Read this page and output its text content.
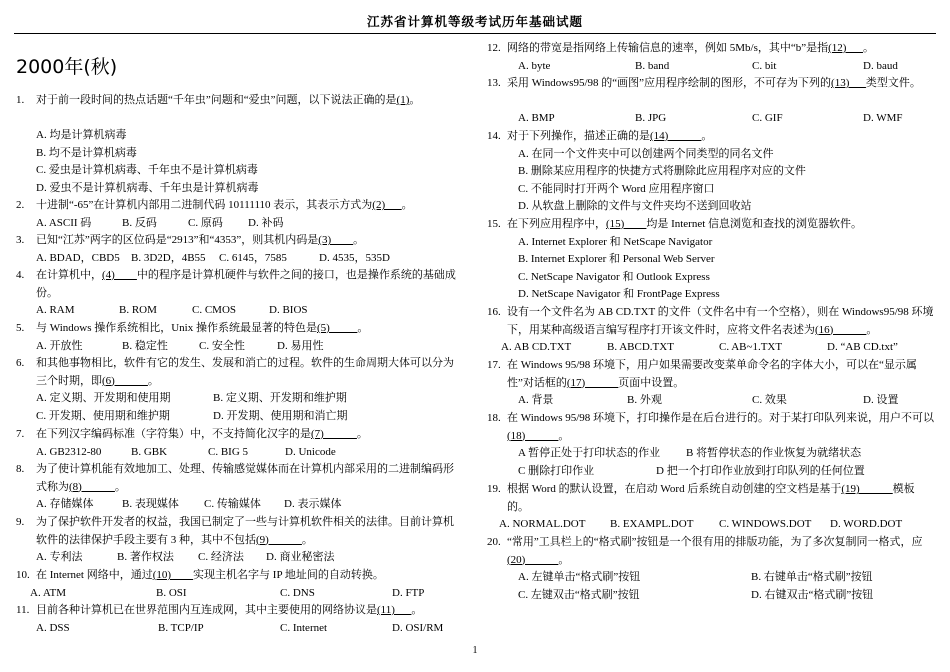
江苏省计算机等级考试历年基础试题
2000年(秋)
1. 对于前一段时间的热点话题“千年虫”问题和“爱虫”问题，以下说法正确的是(1)。
A. 均是计算机病毒
B. 均不是计算机病毒
C. 爱虫是计算机病毒、千年虫不是计算机病毒
D. 爱虫不是计算机病毒、千年虫是计算机病毒
2. 十进制“-65”在计算机内部用二进制代码 10111110 表示，其表示方式为(2)___。
A. ASCII 码	B. 反码	C. 原码 D. 补码
3. 已知“江苏”两字的区位码是“2913”和“4353”，则其机内码是(3)____。
A. BDAD，CBD5 B. 3D2D，4B55 C. 6145，7585	D. 4535，535D
4. 在计算机中，(4)____中的程序是计算机硬件与软件之间的接口，也是操作系统的基础成份。
A. RAM	B. ROM	C. CMOS	D. BIOS
5. 与 Windows 操作系统相比，Unix 操作系统最显著的特色是(5)_____。
A. 开放性	B. 稳定性	C. 安全性	D. 易用性
6. 和其他事物相比，软件有它的发生、发展和消亡的过程。软件的生命周期大体可以分为三个时期，即(6)______。
A. 定义期、开发期和使用期	B. 定义期、开发期和维护期
C. 开发期、使用期和维护期	D. 开发期、使用期和消亡期
7. 在下列汉字编码标准（字符集）中，不支持简化汉字的是(7)______。
A. GB2312-80	B. GBK	C. BIG 5	D. Unicode
8. 为了使计算机能有效地加工、处理、传输感觉媒体而在计算机内部采用的二进制编码形式称为(8)______。
A. 存储媒体	B. 表现媒体 C. 传输媒体 D. 表示媒体
9. 为了保护软件开发者的权益，我国已制定了一些与计算机软件相关的法律。目前计算机软件的法律保护手段主要有 3 种，其中不包括(9)______。
A. 专利法	B. 著作权法 C. 经济法 D. 商业秘密法
10. 在 Internet 网络中，通过(10)____实现主机名字与 IP 地址间的自动转换。
A. ATM	B. OSI	C. DNS	D. FTP
11. 目前各种计算机已在世界范围内互连成网，其中主要使用的网络协议是(11)___。
A. DSS	B. TCP/IP	C. Internet	D. OSI/RM
12. 网络的带宽是指网络上传输信息的速率，例如 5Mb/s，其中“b”是指(12)___。
A. byte	B. band	C. bit	D. baud
13. 采用 Windows95/98 的“画图”应用程序绘制的图形，不可存为下列的(13)___类型文件。
A. BMP	B. JPG	C. GIF	D. WMF
14. 对于下列操作，描述正确的是(14)______。
A. 在同一个文件夹中可以创建两个同类型的同名文件
B. 删除某应用程序的快捷方式将删除此应用程序对应的文件
C. 不能同时打开两个 Word 应用程序窗口
D. 从软盘上删除的文件与文件夹均不送到回收站
15. 在下列应用程序中，(15)____均是 Internet 信息浏览和查找的浏览器软件。
A. Internet Explorer 和 NetScape Navigator
B. Internet Explorer 和 Personal Web Server
C. NetScape Navigator 和 Outlook Express
D. NetScape Navigator 和 FrontPage Express
16. 设有一个文件名为 AB CD.TXT 的文件（文件名中有一个空格），则在 Windows95/98 环境下，用某种高级语言编写程序打开该文件时，应将文件名表述为(16)______。
A. AB CD.TXT	B. ABCD.TXT	C. AB~1.TXT	D. “AB CD.txt”
17. 在 Windows 95/98 环境下，用户如果需要改变菜单命令名的字体大小，可以在“显示属性”对话框的(17)______页面中设置。
A. 背景	B. 外观	C. 效果	D. 设置
18. 在 Windows 95/98 环境下，打印操作是在后台进行的。对于某打印队列来说，用户不可以(18)______。
A 暂停正处于打印状态的作业 B 将暂停状态的作业恢复为就绪状态
C 删除打印作业	D 把一个打印作业放到打印队列的任何位置
19. 根据 Word 的默认设置，在启动 Word 后系统自动创建的空文档是基于(19)______模板的。
A. NORMAL.DOT B. EXAMPL.DOT C. WINDOWS.DOT D. WORD.DOT
20. “常用”工具栏上的“格式刷”按钮是一个很有用的排版功能，为了多次复制同一格式，应(20)______。
A. 左键单击“格式刷”按钮	B. 右键单击“格式刷”按钮
C. 左键双击“格式刷”按钮	D. 右键双击“格式刷”按钮
1
